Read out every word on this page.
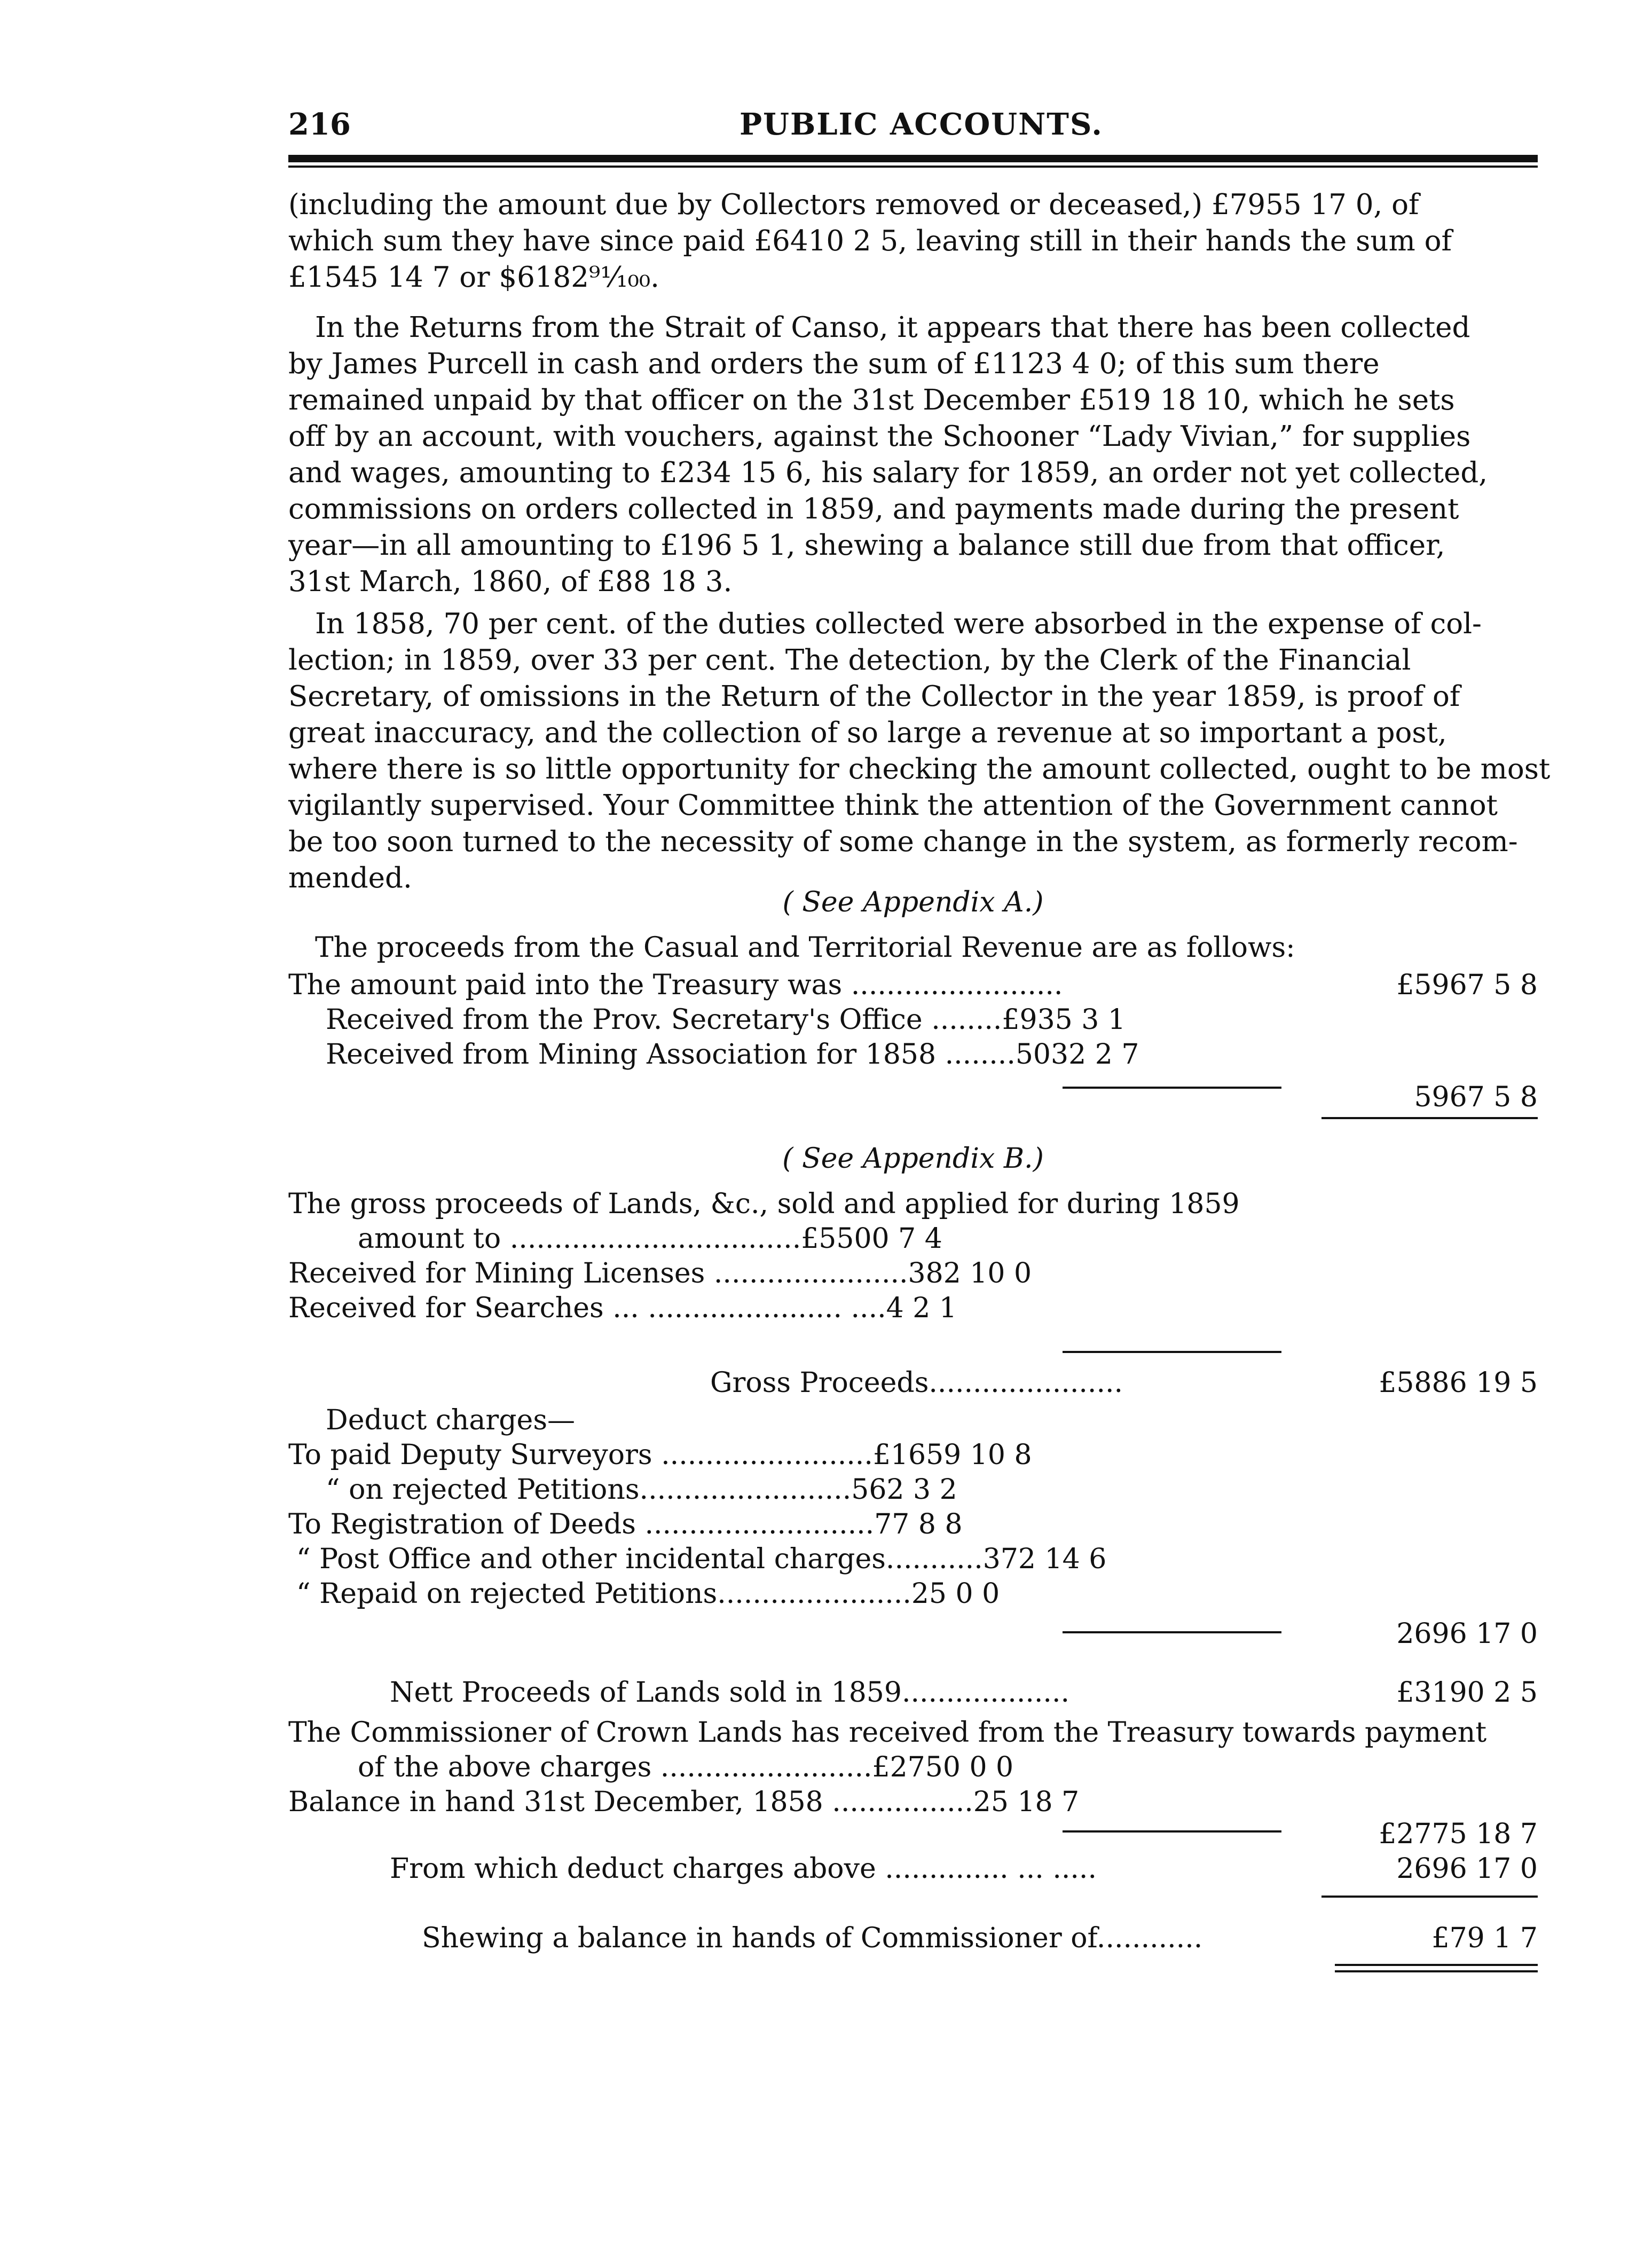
216	PUBLIC ACCOUNTS.

(including the amount due by Collectors removed or deceased,) £7955 17 0, of
which sum they have since paid £6410 2 5, leaving still in their hands the sum of
£1545 14 7 or $6182⁹¹⁄₁₀₀.

In the Returns from the Strait of Canso, it appears that there has been collected
by James Purcell in cash and orders the sum of £1123 4 0; of this sum there
remained unpaid by that officer on the 31st December £519 18 10, which he sets
off by an account, with vouchers, against the Schooner “Lady Vivian,” for supplies
and wages, amounting to £234 15 6, his salary for 1859, an order not yet collected,
commissions on orders collected in 1859, and payments made during the present
year—in all amounting to £196 5 1, shewing a balance still due from that officer,
31st March, 1860, of £88 18 3.

In 1858, 70 per cent. of the duties collected were absorbed in the expense of col-
lection; in 1859, over 33 per cent. The detection, by the Clerk of the Financial
Secretary, of omissions in the Return of the Collector in the year 1859, is proof of
great inaccuracy, and the collection of so large a revenue at so important a post,
where there is so little opportunity for checking the amount collected, ought to be most
vigilantly supervised. Your Committee think the attention of the Government cannot
be too soon turned to the necessity of some change in the system, as formerly recom-
mended.

( See Appendix A.)
The proceeds from the Casual and Territorial Revenue are as follows:
The amount paid into the Treasury was ........................	£5967 5 8
Received from the Prov. Secretary's Office ........£935 3 1
Received from Mining Association for 1858 ........5032 2 7
5967 5 8
( See Appendix B.)
The gross proceeds of Lands, &c., sold and applied for during 1859
amount to .................................£5500 7 4
Received for Mining Licenses ......................382 10 0
Received for Searches ... ...................... ....4 2 1
Gross Proceeds......................	£5886 19 5
Deduct charges—
To paid Deputy Surveyors ........................£1659 10 8
“ on rejected Petitions........................562 3 2
To Registration of Deeds ..........................77 8 8
“ Post Office and other incidental charges...........372 14 6
“ Repaid on rejected Petitions......................25 0 0
2696 17 0
Nett Proceeds of Lands sold in 1859...................	£3190 2 5
The Commissioner of Crown Lands has received from the Treasury towards payment
of the above charges ........................£2750 0 0
Balance in hand 31st December, 1858 ................25 18 7
£2775 18 7
From which deduct charges above .............. ... .....	2696 17 0
Shewing a balance in hands of Commissioner of............	£79 1 7
